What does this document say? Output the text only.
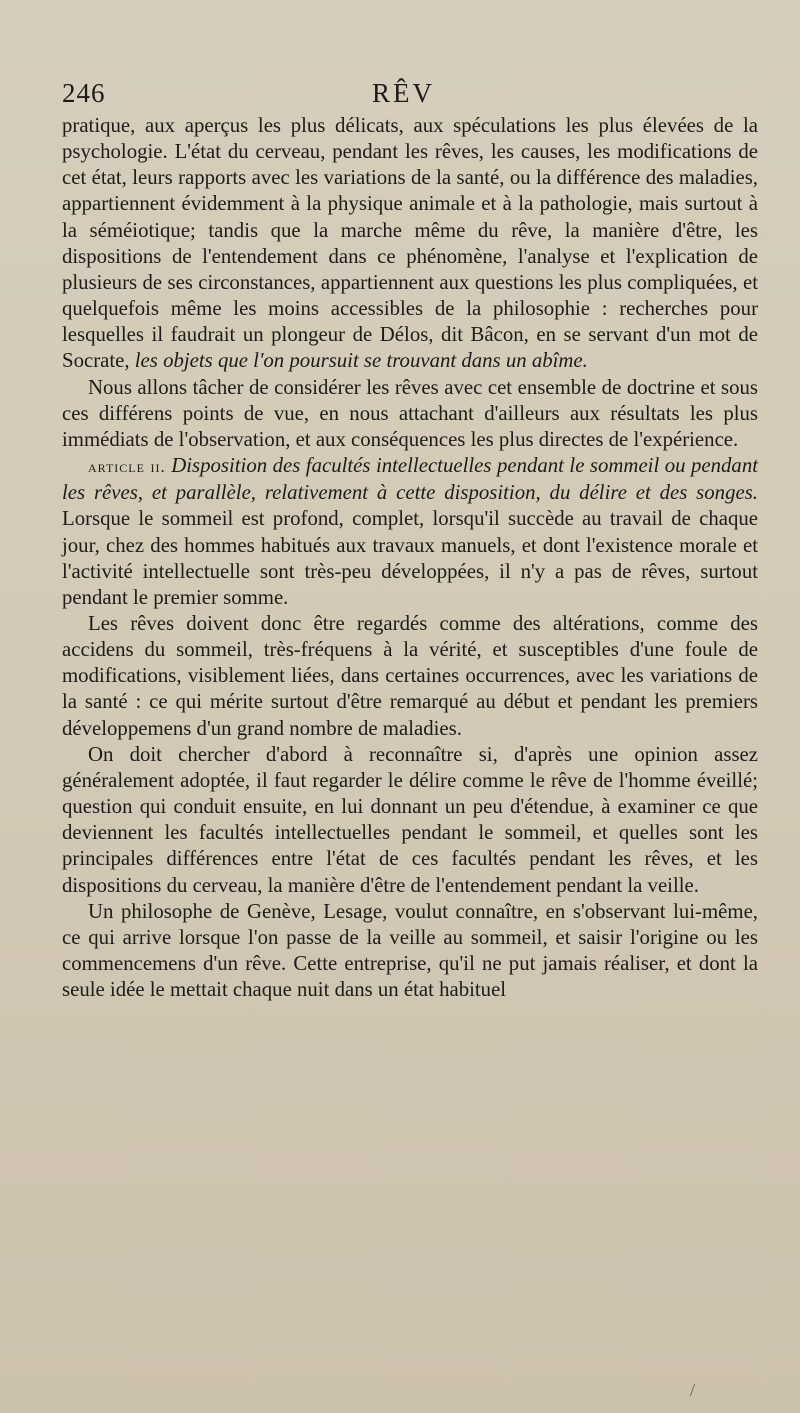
246	RÊV

pratique, aux aperçus les plus délicats, aux spéculations les plus élevées de la psychologie. L'état du cerveau, pendant les rêves, les causes, les modifications de cet état, leurs rapports avec les variations de la santé, ou la différence des maladies, appartiennent évidemment à la physique animale et à la pathologie, mais surtout à la séméiotique; tandis que la marche même du rêve, la manière d'être, les dispositions de l'entendement dans ce phénomène, l'analyse et l'explication de plusieurs de ses circonstances, appartiennent aux questions les plus compliquées, et quelquefois même les moins accessibles de la philosophie : recherches pour lesquelles il faudrait un plongeur de Délos, dit Bâcon, en se servant d'un mot de Socrate, les objets que l'on poursuit se trouvant dans un abîme.

Nous allons tâcher de considérer les rêves avec cet ensemble de doctrine et sous ces différens points de vue, en nous attachant d'ailleurs aux résultats les plus immédiats de l'observation, et aux conséquences les plus directes de l'expérience.

article ii. Disposition des facultés intellectuelles pendant le sommeil ou pendant les rêves, et parallèle, relativement à cette disposition, du délire et des songes. Lorsque le sommeil est profond, complet, lorsqu'il succède au travail de chaque jour, chez des hommes habitués aux travaux manuels, et dont l'existence morale et l'activité intellectuelle sont très-peu développées, il n'y a pas de rêves, surtout pendant le premier somme.

Les rêves doivent donc être regardés comme des altérations, comme des accidens du sommeil, très-fréquens à la vérité, et susceptibles d'une foule de modifications, visiblement liées, dans certaines occurrences, avec les variations de la santé : ce qui mérite surtout d'être remarqué au début et pendant les premiers développemens d'un grand nombre de maladies.

On doit chercher d'abord à reconnaître si, d'après une opinion assez généralement adoptée, il faut regarder le délire comme le rêve de l'homme éveillé; question qui conduit ensuite, en lui donnant un peu d'étendue, à examiner ce que deviennent les facultés intellectuelles pendant le sommeil, et quelles sont les principales différences entre l'état de ces facultés pendant les rêves, et les dispositions du cerveau, la manière d'être de l'entendement pendant la veille.

Un philosophe de Genève, Lesage, voulut connaître, en s'observant lui-même, ce qui arrive lorsque l'on passe de la veille au sommeil, et saisir l'origine ou les commencemens d'un rêve. Cette entreprise, qu'il ne put jamais réaliser, et dont la seule idée le mettait chaque nuit dans un état habituel

/
